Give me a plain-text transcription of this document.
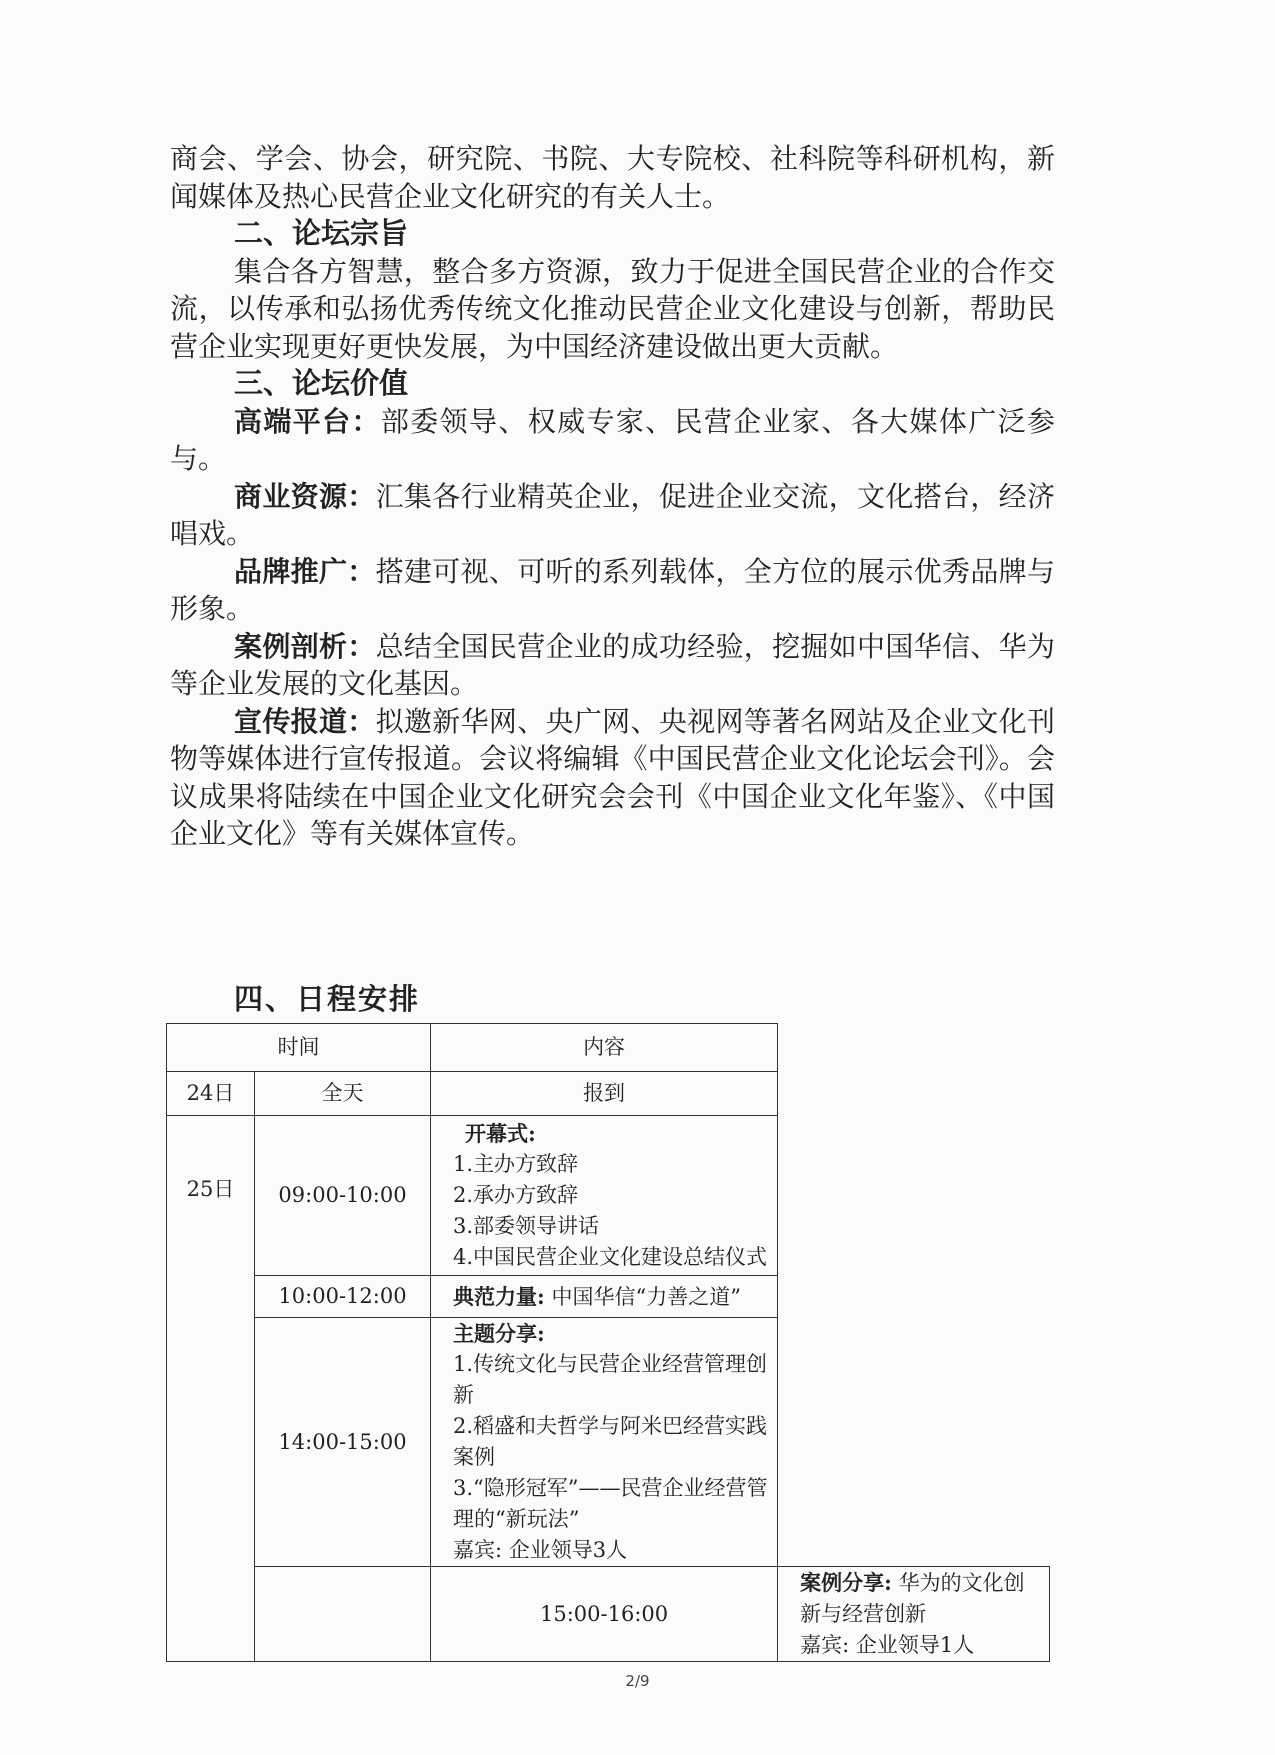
商会、学会、协会，研究院、书院、大专院校、社科院等科研机构，新闻媒体及热心民营企业文化研究的有关人士。

二、论坛宗旨

集合各方智慧，整合多方资源，致力于促进全国民营企业的合作交流，以传承和弘扬优秀传统文化推动民营企业文化建设与创新，帮助民营企业实现更好更快发展，为中国经济建设做出更大贡献。

三、论坛价值

高端平台：部委领导、权威专家、民营企业家、各大媒体广泛参与。

商业资源：汇集各行业精英企业，促进企业交流，文化搭台，经济唱戏。

品牌推广：搭建可视、可听的系列载体，全方位的展示优秀品牌与形象。

案例剖析：总结全国民营企业的成功经验，挖掘如中国华信、华为等企业发展的文化基因。

宣传报道：拟邀新华网、央广网、央视网等著名网站及企业文化刊物等媒体进行宣传报道。会议将编辑《中国民营企业文化论坛会刊》。会议成果将陆续在中国企业文化研究会会刊《中国企业文化年鉴》、《中国企业文化》等有关媒体宣传。

四、日程安排
时间		内容	
24日	全天	报到	
25日	09:00-10:00	开幕式:
1.主办方致辞
2.承办方致辞
3.部委领导讲话
4.中国民营企业文化建设总结仪式	

	10:00-12:00	典范力量: 中国华信“力善之道”	
	14:00-15:00	主题分享:
1.传统文化与民营企业经营管理创新
2.稻盛和夫哲学与阿米巴经营实践案例
3.“隐形冠军”——民营企业经营管理的“新玩法”
嘉宾: 企业领导3人	

		15:00-16:00	案例分享: 华为的文化创新与经营创新
嘉宾: 企业领导1人
2/9
